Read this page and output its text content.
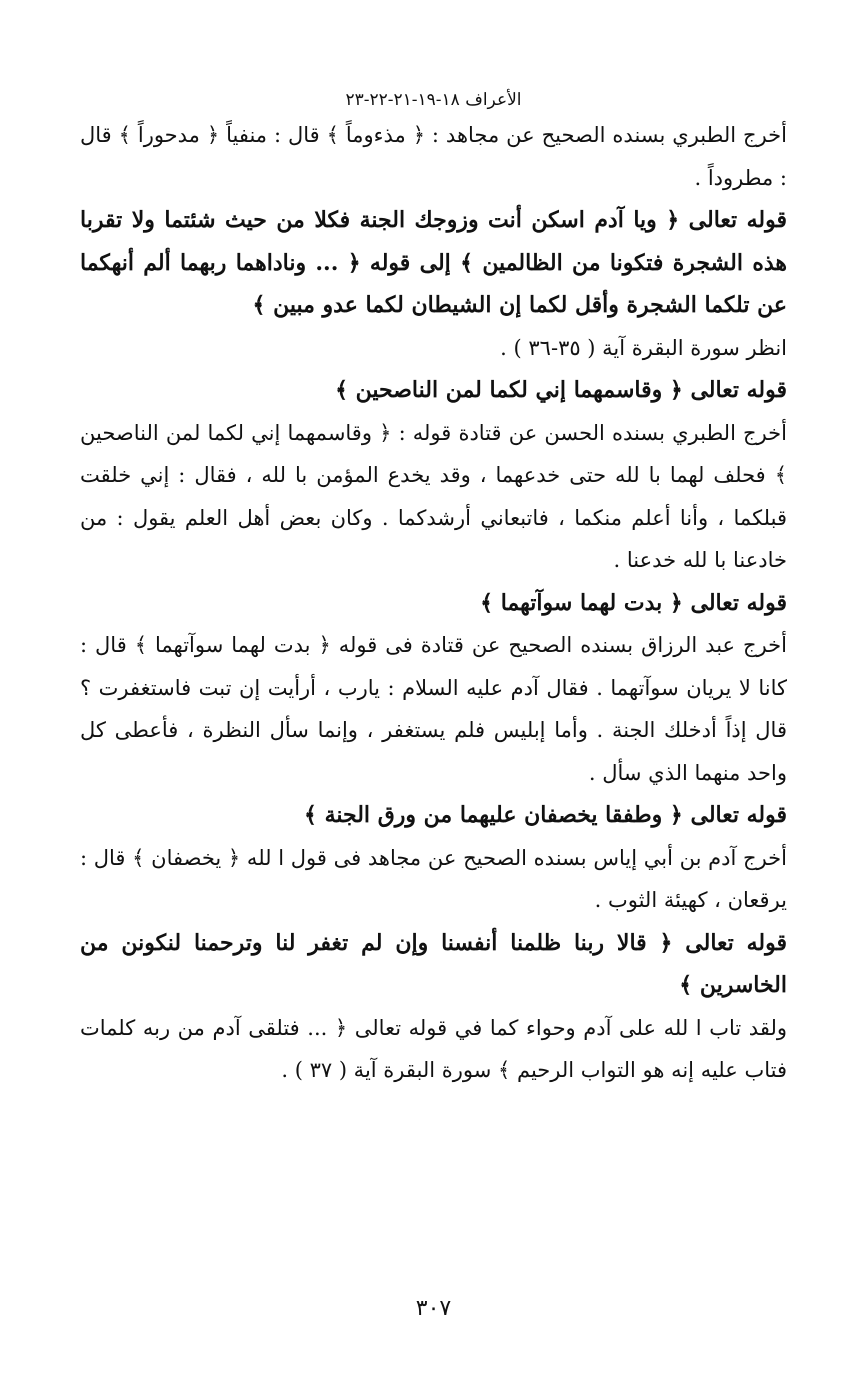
الأعراف ١٨-١٩-٢١-٢٢-٢٣

أخرج الطبري بسنده الصحيح عن مجاهد : ﴿ مذءوماً ﴾ قال : منفياً ﴿ مدحوراً ﴾ قال : مطروداً .

قوله تعالى ﴿ ويا آدم اسكن أنت وزوجك الجنة فكلا من حيث شئتما ولا تقربا هذه الشجرة فتكونا من الظالمين ﴾ إلى قوله ﴿ ... وناداهما ربهما ألم أنهكما عن تلكما الشجرة وأقل لكما إن الشيطان لكما عدو مبين ﴾

انظر سورة البقرة آية ( ٣٥-٣٦ ) .

قوله تعالى ﴿ وقاسمهما إني لكما لمن الناصحين ﴾

أخرج الطبري بسنده الحسن عن قتادة قوله : ﴿ وقاسمهما إني لكما لمن الناصحين ﴾ فحلف لهما با لله حتى خدعهما ، وقد يخدع المؤمن با لله ، فقال : إني خلقت قبلكما ، وأنا أعلم منكما ، فاتبعاني أرشدكما . وكان بعض أهل العلم يقول : من خادعنا با لله خدعنا .

قوله تعالى ﴿ بدت لهما سوآتهما ﴾

أخرج عبد الرزاق بسنده الصحيح عن قتادة فى قوله ﴿ بدت لهما سوآتهما ﴾ قال : كانا لا يريان سوآتهما . فقال آدم عليه السلام : يارب ، أرأيت إن تبت فاستغفرت ؟ قال إذاً أدخلك الجنة . وأما إبليس فلم يستغفر ، وإنما سأل النظرة ، فأعطى كل واحد منهما الذي سأل .

قوله تعالى ﴿ وطفقا يخصفان عليهما من ورق الجنة ﴾

أخرج آدم بن أبي إياس بسنده الصحيح عن مجاهد فى قول ا لله ﴿ يخصفان ﴾ قال : يرقعان ، كهيئة الثوب .

قوله تعالى ﴿ قالا ربنا ظلمنا أنفسنا وإن لم تغفر لنا وترحمنا لنكونن من الخاسرين ﴾

ولقد تاب ا لله على آدم وحواء كما في قوله تعالى ﴿ ... فتلقى آدم من ربه كلمات فتاب عليه إنه هو التواب الرحيم ﴾ سورة البقرة آية ( ٣٧ ) .

٣٠٧
